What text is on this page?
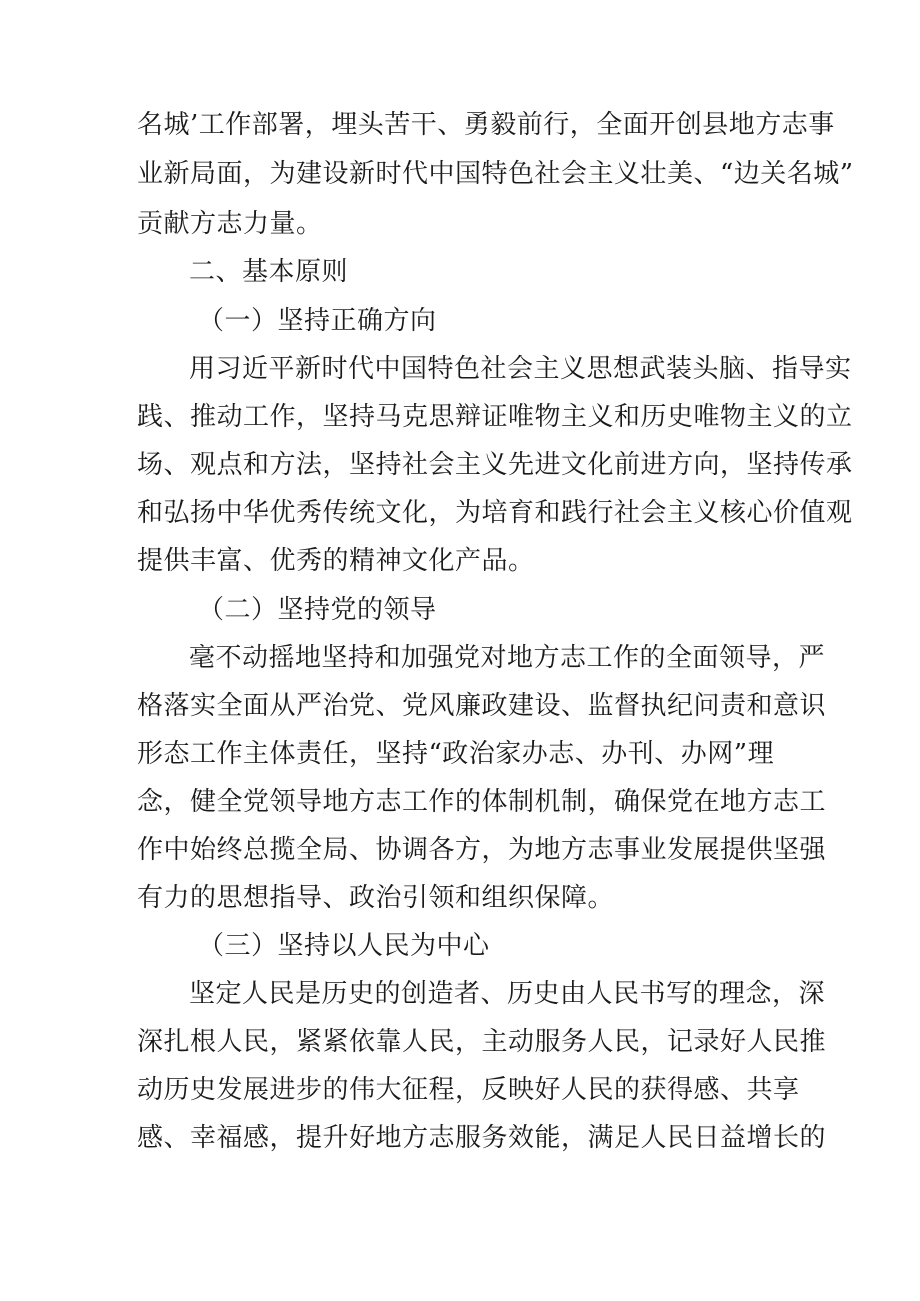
名城’工作部署，埋头苦干、勇毅前行，全面开创县地方志事
业新局面，为建设新时代中国特色社会主义壮美、“边关名城”
贡献方志力量。
二、基本原则
（一）坚持正确方向
用习近平新时代中国特色社会主义思想武装头脑、指导实
践、推动工作，坚持马克思辩证唯物主义和历史唯物主义的立
场、观点和方法，坚持社会主义先进文化前进方向，坚持传承
和弘扬中华优秀传统文化，为培育和践行社会主义核心价值观
提供丰富、优秀的精神文化产品。
（二）坚持党的领导
毫不动摇地坚持和加强党对地方志工作的全面领导，严
格落实全面从严治党、党风廉政建设、监督执纪问责和意识
形态工作主体责任，坚持“政治家办志、办刊、办网”理
念，健全党领导地方志工作的体制机制，确保党在地方志工
作中始终总揽全局、协调各方，为地方志事业发展提供坚强
有力的思想指导、政治引领和组织保障。
（三）坚持以人民为中心
坚定人民是历史的创造者、历史由人民书写的理念，深
深扎根人民，紧紧依靠人民，主动服务人民，记录好人民推
动历史发展进步的伟大征程，反映好人民的获得感、共享
感、幸福感，提升好地方志服务效能，满足人民日益增长的
